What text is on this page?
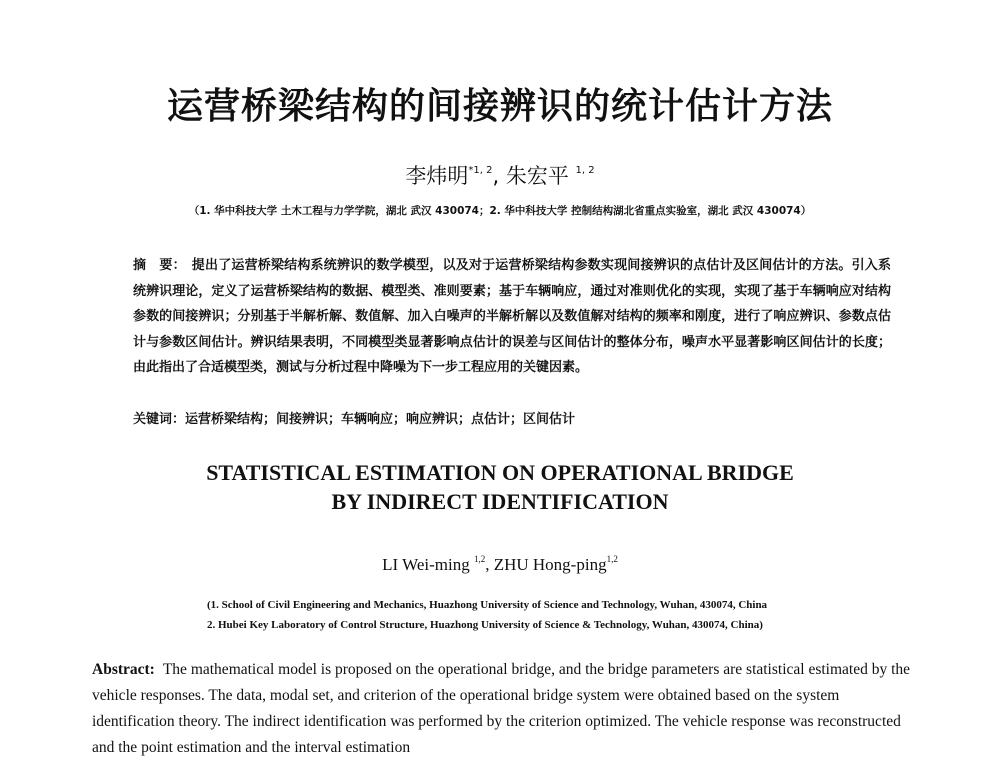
运营桥梁结构的间接辨识的统计估计方法
李炜明$^{*1, 2}$, 朱宏平 $^{1, 2}$
（1. 华中科技大学 土木工程与力学学院，湖北 武汉 430074；2. 华中科技大学 控制结构湖北省重点实验室，湖北 武汉 430074）
摘　要： 提出了运营桥梁结构系统辨识的数学模型，以及对于运营桥梁结构参数实现间接辨识的点估计及区间估计的方法。引入系统辨识理论，定义了运营桥梁结构的数据、模型类、准则要素；基于车辆响应，通过对准则优化的实现，实现了基于车辆响应对结构参数的间接辨识；分别基于半解析解、数值解、加入白噪声的半解析解以及数值解对结构的频率和刚度，进行了响应辨识、参数点估计与参数区间估计。辨识结果表明，不同模型类显著影响点估计的误差与区间估计的整体分布，噪声水平显著影响区间估计的长度；由此指出了合适模型类，测试与分析过程中降噪为下一步工程应用的关键因素。
关键词：运营桥梁结构；间接辨识；车辆响应；响应辨识；点估计；区间估计
STATISTICAL ESTIMATION ON OPERATIONAL BRIDGE
BY INDIRECT IDENTIFICATION
LI Wei-ming $^{1,2}$, ZHU Hong-ping$^{1,2}$
(1. School of Civil Engineering and Mechanics, Huazhong University of Science and Technology, Wuhan, 430074, China
2. Hubei Key Laboratory of Control Structure, Huazhong University of Science & Technology, Wuhan, 430074, China)
Abstract: The mathematical model is proposed on the operational bridge, and the bridge parameters are statistical estimated by the vehicle responses. The data, modal set, and criterion of the operational bridge system were obtained based on the system identification theory. The indirect identification was performed by the criterion optimized. The vehicle response was reconstructed and the point estimation and the interval estimation
